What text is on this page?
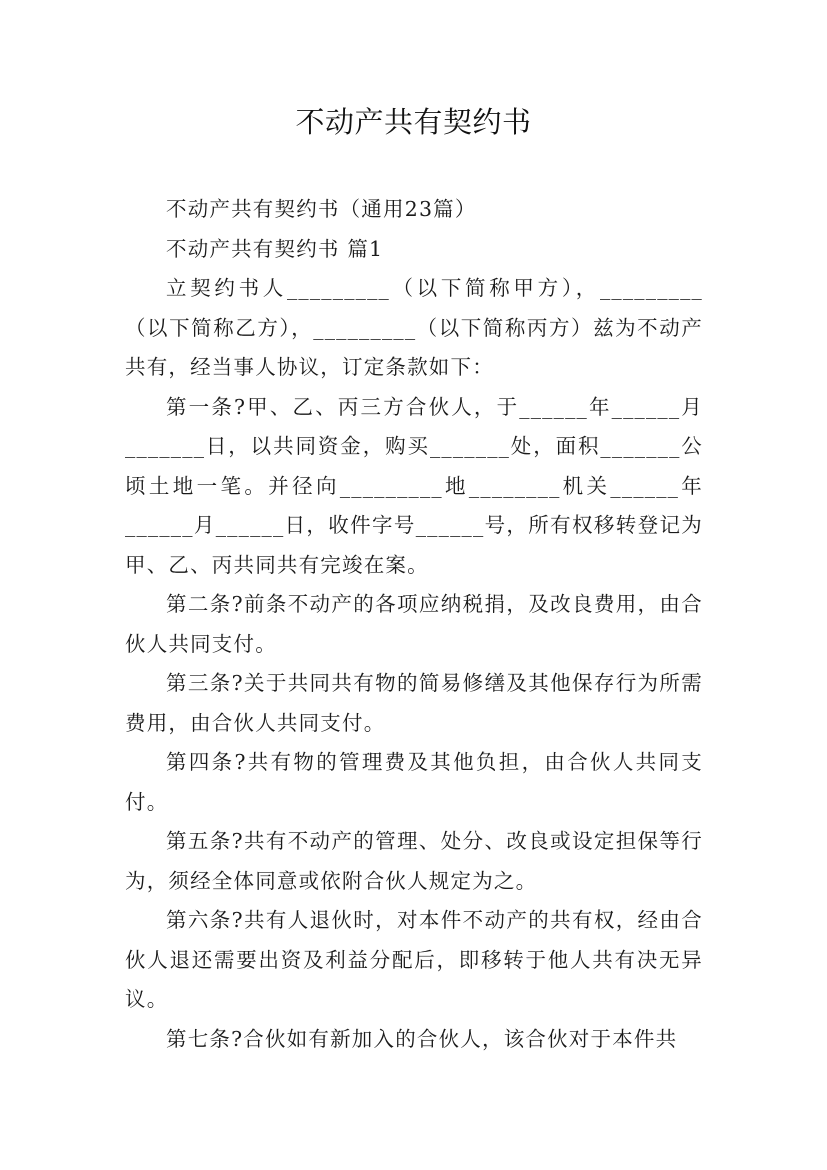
不动产共有契约书

不动产共有契约书（通用23篇）

不动产共有契约书 篇1

立契约书人_________（以下简称甲方），_________（以下简称乙方），_________（以下简称丙方）兹为不动产共有，经当事人协议，订定条款如下：

第一条?甲、乙、丙三方合伙人，于______年______月_______日，以共同资金，购买_______处，面积_______公顷土地一笔。并径向_________地________机关______年______月______日，收件字号______号，所有权移转登记为甲、乙、丙共同共有完竣在案。

第二条?前条不动产的各项应纳税捐，及改良费用，由合伙人共同支付。

第三条?关于共同共有物的简易修缮及其他保存行为所需费用，由合伙人共同支付。

第四条?共有物的管理费及其他负担，由合伙人共同支付。

第五条?共有不动产的管理、处分、改良或设定担保等行为，须经全体同意或依附合伙人规定为之。

第六条?共有人退伙时，对本件不动产的共有权，经由合伙人退还需要出资及利益分配后，即移转于他人共有决无异议。

第七条?合伙如有新加入的合伙人，该合伙对于本件共
